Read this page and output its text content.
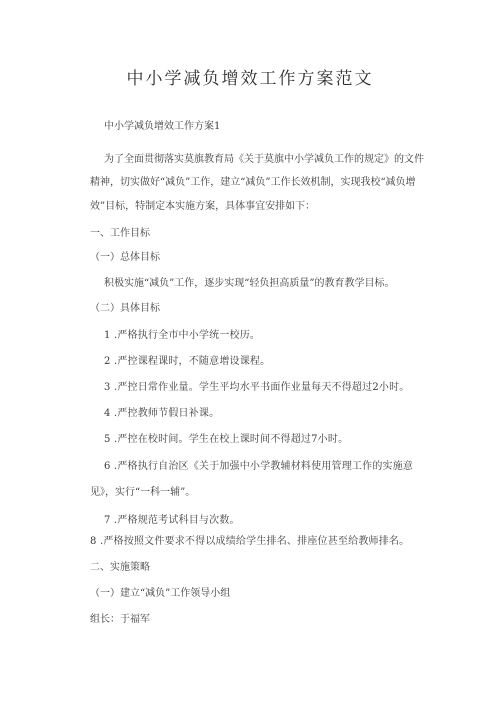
中小学减负增效工作方案范文
中小学减负增效工作方案1
为了全面贯彻落实莫旗教育局《关于莫旗中小学减负工作的规定》的文件
精神，切实做好“减负”工作，建立“减负”工作长效机制，实现我校“减负增
效”目标，特制定本实施方案，具体事宜安排如下：
一、工作目标
（一）总体目标
积极实施“减负”工作，逐步实现“轻负担高质量”的教育教学目标。
（二）具体目标
1 .严格执行全市中小学统一校历。
2 .严控课程课时，不随意增设课程。
3 .严控日常作业量。学生平均水平书面作业量每天不得超过2小时。
4 .严控教师节假日补课。
5 .严控在校时间。学生在校上课时间不得超过7小时。
6 .严格执行自治区《关于加强中小学教辅材料使用管理工作的实施意
见》，实行“一科一辅”。
7 .严格规范考试科目与次数。
8 .严格按照文件要求不得以成绩给学生排名、排座位甚至给教师排名。
二、实施策略
（一）建立“减负”工作领导小组
组长：于福军
